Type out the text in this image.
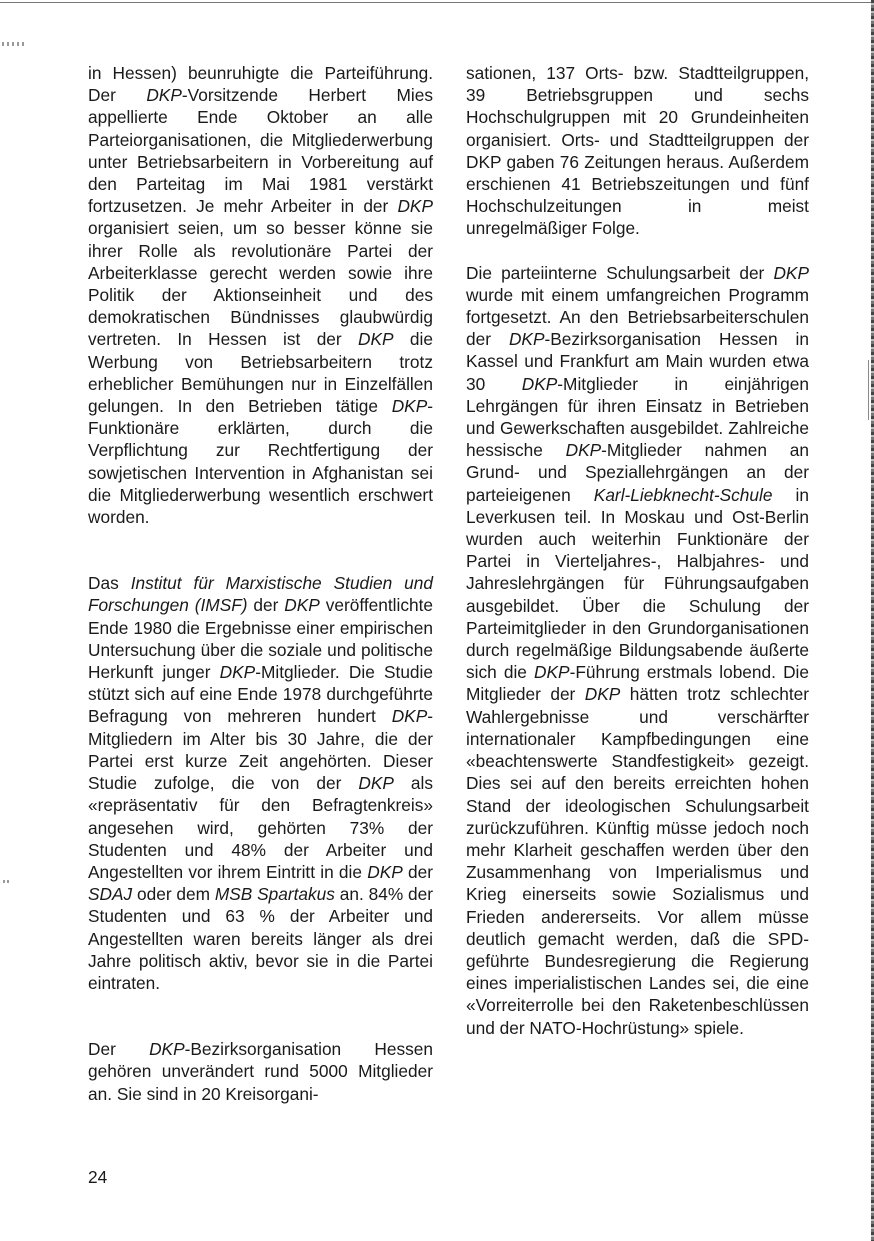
in Hessen) beunruhigte die Parteiführung. Der DKP-Vorsitzende Herbert Mies appellierte Ende Oktober an alle Parteiorganisationen, die Mitgliederwerbung unter Betriebsarbeitern in Vorbereitung auf den Parteitag im Mai 1981 verstärkt fortzusetzen. Je mehr Arbeiter in der DKP organisiert seien, um so besser könne sie ihrer Rolle als revolutionäre Partei der Arbeiterklasse gerecht werden sowie ihre Politik der Aktionseinheit und des demokratischen Bündnisses glaubwürdig vertreten. In Hessen ist der DKP die Werbung von Betriebsarbeitern trotz erheblicher Bemühungen nur in Einzelfällen gelungen. In den Betrieben tätige DKP-Funktionäre erklärten, durch die Verpflichtung zur Rechtfertigung der sowjetischen Intervention in Afghanistan sei die Mitgliederwerbung wesentlich erschwert worden.

Das Institut für Marxistische Studien und Forschungen (IMSF) der DKP veröffentlichte Ende 1980 die Ergebnisse einer empirischen Untersuchung über die soziale und politische Herkunft junger DKP-Mitglieder. Die Studie stützt sich auf eine Ende 1978 durchgeführte Befragung von mehreren hundert DKP-Mitgliedern im Alter bis 30 Jahre, die der Partei erst kurze Zeit angehörten. Dieser Studie zufolge, die von der DKP als «repräsentativ für den Befragtenkreis» angesehen wird, gehörten 73% der Studenten und 48% der Arbeiter und Angestellten vor ihrem Eintritt in die DKP der SDAJ oder dem MSB Spartakus an. 84% der Studenten und 63 % der Arbeiter und Angestellten waren bereits länger als drei Jahre politisch aktiv, bevor sie in die Partei eintraten.

Der DKP-Bezirksorganisation Hessen gehören unverändert rund 5000 Mitglieder an. Sie sind in 20 Kreisorgani-

sationen, 137 Orts- bzw. Stadtteilgruppen, 39 Betriebsgruppen und sechs Hochschulgruppen mit 20 Grundeinheiten organisiert. Orts- und Stadtteilgruppen der DKP gaben 76 Zeitungen heraus. Außerdem erschienen 41 Betriebszeitungen und fünf Hochschulzeitungen in meist unregelmäßiger Folge.

Die parteiinterne Schulungsarbeit der DKP wurde mit einem umfangreichen Programm fortgesetzt. An den Betriebsarbeiterschulen der DKP-Bezirksorganisation Hessen in Kassel und Frankfurt am Main wurden etwa 30 DKP-Mitglieder in einjährigen Lehrgängen für ihren Einsatz in Betrieben und Gewerkschaften ausgebildet. Zahlreiche hessische DKP-Mitglieder nahmen an Grund- und Speziallehrgängen an der parteieigenen Karl-Liebknecht-Schule in Leverkusen teil. In Moskau und Ost-Berlin wurden auch weiterhin Funktionäre der Partei in Vierteljahres-, Halbjahres- und Jahreslehrgängen für Führungsaufgaben ausgebildet. Über die Schulung der Parteimitglieder in den Grundorganisationen durch regelmäßige Bildungsabende äußerte sich die DKP-Führung erstmals lobend. Die Mitglieder der DKP hätten trotz schlechter Wahlergebnisse und verschärfter internationaler Kampfbedingungen eine «beachtenswerte Standfestigkeit» gezeigt. Dies sei auf den bereits erreichten hohen Stand der ideologischen Schulungsarbeit zurückzuführen. Künftig müsse jedoch noch mehr Klarheit geschaffen werden über den Zusammenhang von Imperialismus und Krieg einerseits sowie Sozialismus und Frieden andererseits. Vor allem müsse deutlich gemacht werden, daß die SPD-geführte Bundesregierung die Regierung eines imperialistischen Landes sei, die eine «Vorreiterrolle bei den Raketenbeschlüssen und der NATO-Hochrüstung» spiele.

24
